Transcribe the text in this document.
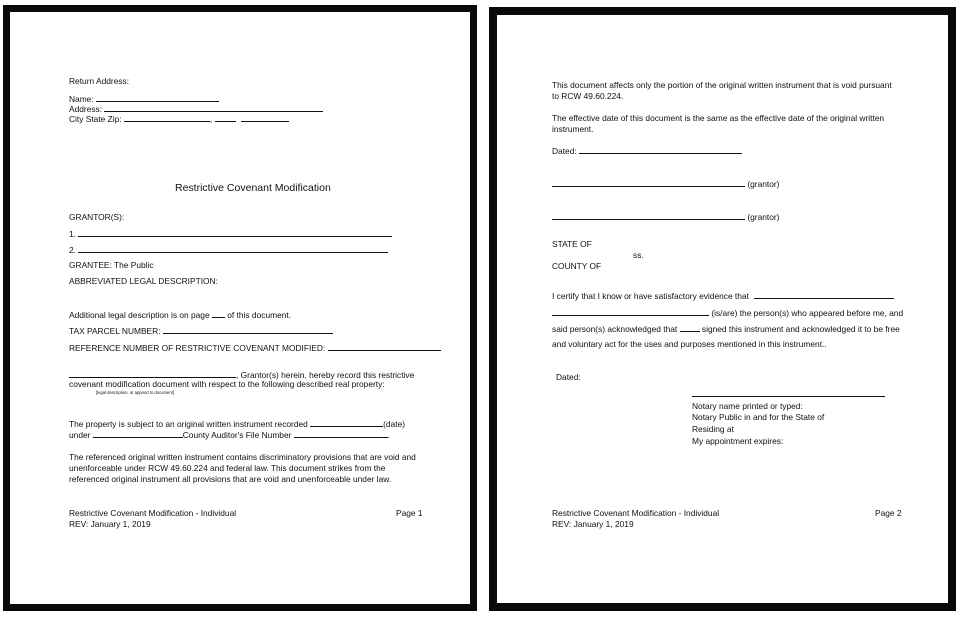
Return Address:
Name:
Address:
City State Zip:	,
Restrictive Covenant Modification
GRANTOR(S):
1.
2.
GRANTEE: The Public
ABBREVIATED LEGAL DESCRIPTION:
Additional legal description is on page of this document.
TAX PARCEL NUMBER:
REFERENCE NUMBER OF RESTRICTIVE COVENANT MODIFIED:
, Grantor(s) herein, hereby record this restrictive
covenant modification document with respect to the following described real property:
[legal description, or append to document]
The property is subject to an original written instrument recorded	(date)
under	County Auditor's File Number	.
The referenced original written instrument contains discriminatory provisions that are void and
unenforceable under RCW 49.60.224 and federal law. This document strikes from the
referenced original instrument all provisions that are void and unenforceable under law.
Restrictive Covenant Modification - Individual
REV: January 1, 2019
Page 1
This document affects only the portion of the original written instrument that is void pursuant
to RCW 49.60.224.
The effective date of this document is the same as the effective date of the original written
instrument.
Dated:
(grantor)
(grantor)
STATE OF
ss.
COUNTY OF
I certify that I know or have satisfactory evidence that
(is/are) the person(s) who appeared before me, and
said person(s) acknowledged that	signed this instrument and acknowledged it to be free
and voluntary act for the uses and purposes mentioned in this instrument..
Dated:
Notary name printed or typed:
Notary Public in and for the State of
Residing at
My appointment expires:
Restrictive Covenant Modification - Individual
REV: January 1, 2019
Page 2
